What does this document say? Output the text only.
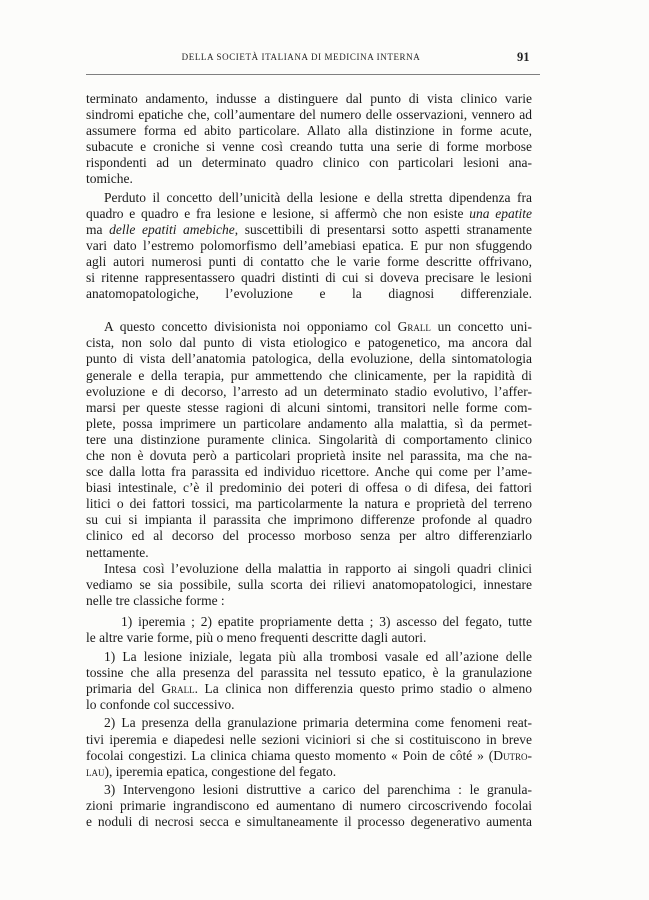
DELLA SOCIETÀ ITALIANA DI MEDICINA INTERNA	91
terminato andamento, indusse a distinguere dal punto di vista clinico varie
sindromi epatiche che, coll’aumentare del numero delle osservazioni, vennero ad
assumere forma ed abito particolare. Allato alla distinzione in forme acute,
subacute e croniche si venne così creando tutta una serie di forme morbose
rispondenti ad un determinato quadro clinico con particolari lesioni ana-
tomiche.
Perduto il concetto dell’unicità della lesione e della stretta dipendenza fra
quadro e quadro e fra lesione e lesione, si affermò che non esiste una epatite
ma delle epatiti amebiche, suscettibili di presentarsi sotto aspetti stranamente
vari dato l’estremo polomorfismo dell’amebiasi epatica. E pur non sfuggendo
agli autori numerosi punti di contatto che le varie forme descritte offrivano,
si ritenne rappresentassero quadri distinti di cui si doveva precisare le lesioni
anatomopatologiche, l’evoluzione e la diagnosi differenziale.
A questo concetto divisionista noi opponiamo col Grall un concetto uni-
cista, non solo dal punto di vista etiologico e patogenetico, ma ancora dal
punto di vista dell’anatomia patologica, della evoluzione, della sintomatologia
generale e della terapia, pur ammettendo che clinicamente, per la rapidità di
evoluzione e di decorso, l’arresto ad un determinato stadio evolutivo, l’affer-
marsi per queste stesse ragioni di alcuni sintomi, transitori nelle forme com-
plete, possa imprimere un particolare andamento alla malattia, sì da permet-
tere una distinzione puramente clinica. Singolarità di comportamento clinico
che non è dovuta però a particolari proprietà insite nel parassita, ma che na-
sce dalla lotta fra parassita ed individuo ricettore. Anche qui come per l’ame-
biasi intestinale, c’è il predominio dei poteri di offesa o di difesa, dei fattori
litici o dei fattori tossici, ma particolarmente la natura e proprietà del terreno
su cui si impianta il parassita che imprimono differenze profonde al quadro
clinico ed al decorso del processo morboso senza per altro differenziarlo
nettamente.
Intesa così l’evoluzione della malattia in rapporto ai singoli quadri clinici
vediamo se sia possibile, sulla scorta dei rilievi anatomopatologici, innestare
nelle tre classiche forme :
1) iperemia ; 2) epatite propriamente detta ; 3) ascesso del fegato, tutte
le altre varie forme, più o meno frequenti descritte dagli autori.
1) La lesione iniziale, legata più alla trombosi vasale ed all’azione delle
tossine che alla presenza del parassita nel tessuto epatico, è la granulazione
primaria del Grall. La clinica non differenzia questo primo stadio o almeno
lo confonde col successivo.
2) La presenza della granulazione primaria determina come fenomeni reat-
tivi iperemia e diapedesi nelle sezioni viciniori si che si costituiscono in breve
focolai congestizi. La clinica chiama questo momento « Poin de côté » (Dutro-
lau), iperemia epatica, congestione del fegato.
3) Intervengono lesioni distruttive a carico del parenchima : le granula-
zioni primarie ingrandiscono ed aumentano di numero circoscrivendo focolai
e noduli di necrosi secca e simultaneamente il processo degenerativo aumenta
